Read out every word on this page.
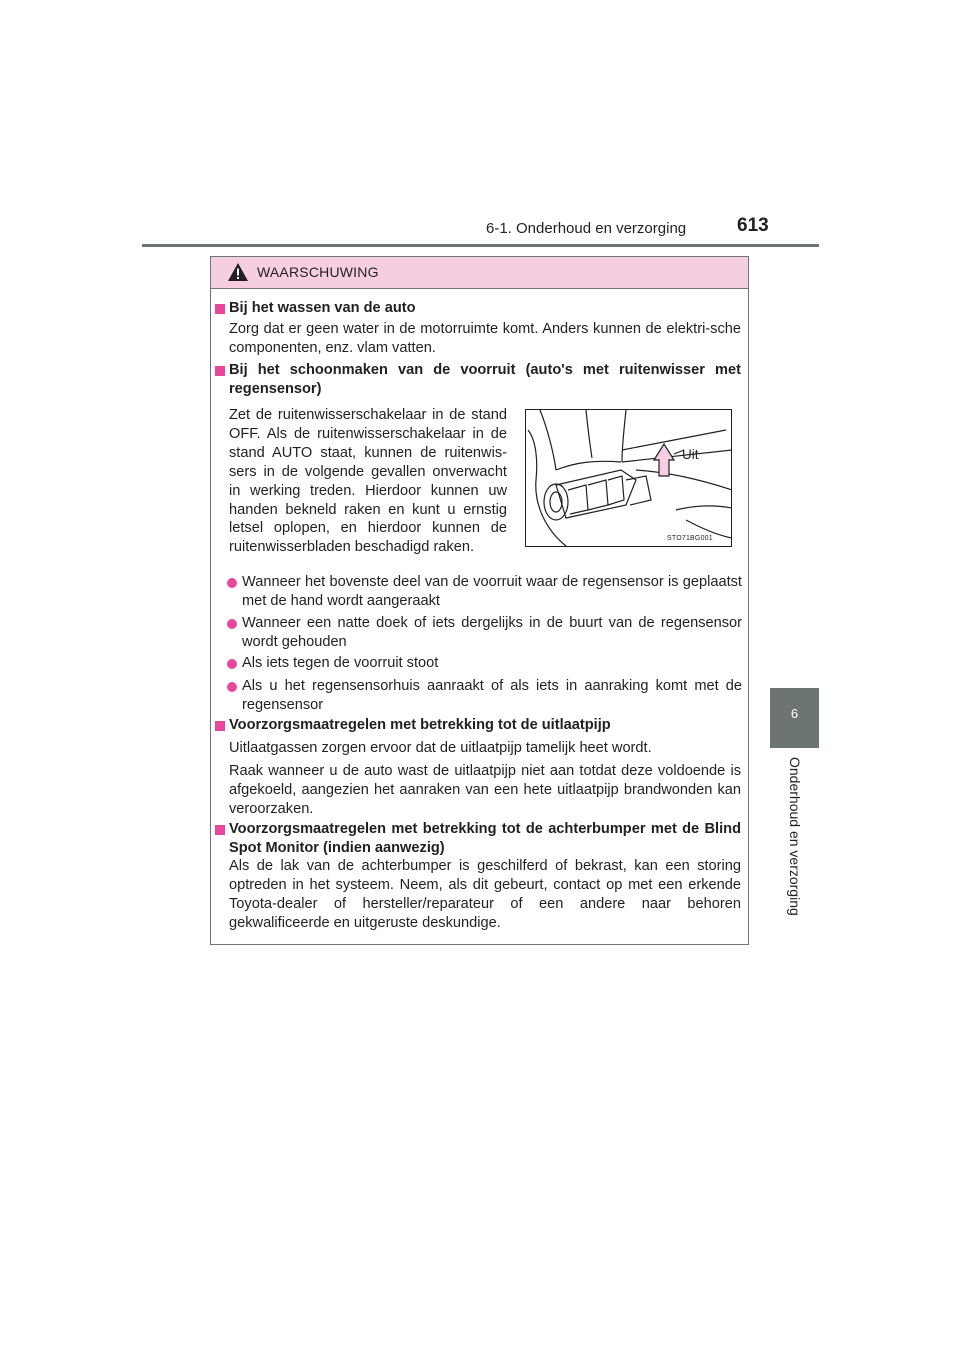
6-1. Onderhoud en verzorging	613
6
Onderhoud en verzorging
WAARSCHUWING
Bij het wassen van de auto
Zorg dat er geen water in de motorruimte komt. Anders kunnen de elektri-sche componenten, enz. vlam vatten.
Bij het schoonmaken van de voorruit (auto's met ruitenwisser met regensensor)
Zet de ruitenwisserschakelaar in de stand OFF. Als de ruitenwisserschakelaar in de stand AUTO staat, kunnen de ruitenwis-sers in de volgende gevallen onverwacht in werking treden. Hierdoor kunnen uw handen bekneld raken en kunt u ernstig letsel oplopen, en hierdoor kunnen de ruitenwisserbladen beschadigd raken.
Uit
STO71BG001
Wanneer het bovenste deel van de voorruit waar de regensensor is geplaatst met de hand wordt aangeraakt
Wanneer een natte doek of iets dergelijks in de buurt van de regensensor wordt gehouden
Als iets tegen de voorruit stoot
Als u het regensensorhuis aanraakt of als iets in aanraking komt met de regensensor
Voorzorgsmaatregelen met betrekking tot de uitlaatpijp
Uitlaatgassen zorgen ervoor dat de uitlaatpijp tamelijk heet wordt.
Raak wanneer u de auto wast de uitlaatpijp niet aan totdat deze voldoende is afgekoeld, aangezien het aanraken van een hete uitlaatpijp brandwonden kan veroorzaken.
Voorzorgsmaatregelen met betrekking tot de achterbumper met de Blind Spot Monitor (indien aanwezig)
Als de lak van de achterbumper is geschilferd of bekrast, kan een storing optreden in het systeem. Neem, als dit gebeurt, contact op met een erkende Toyota-dealer of hersteller/reparateur of een andere naar behoren gekwalificeerde en uitgeruste deskundige.
